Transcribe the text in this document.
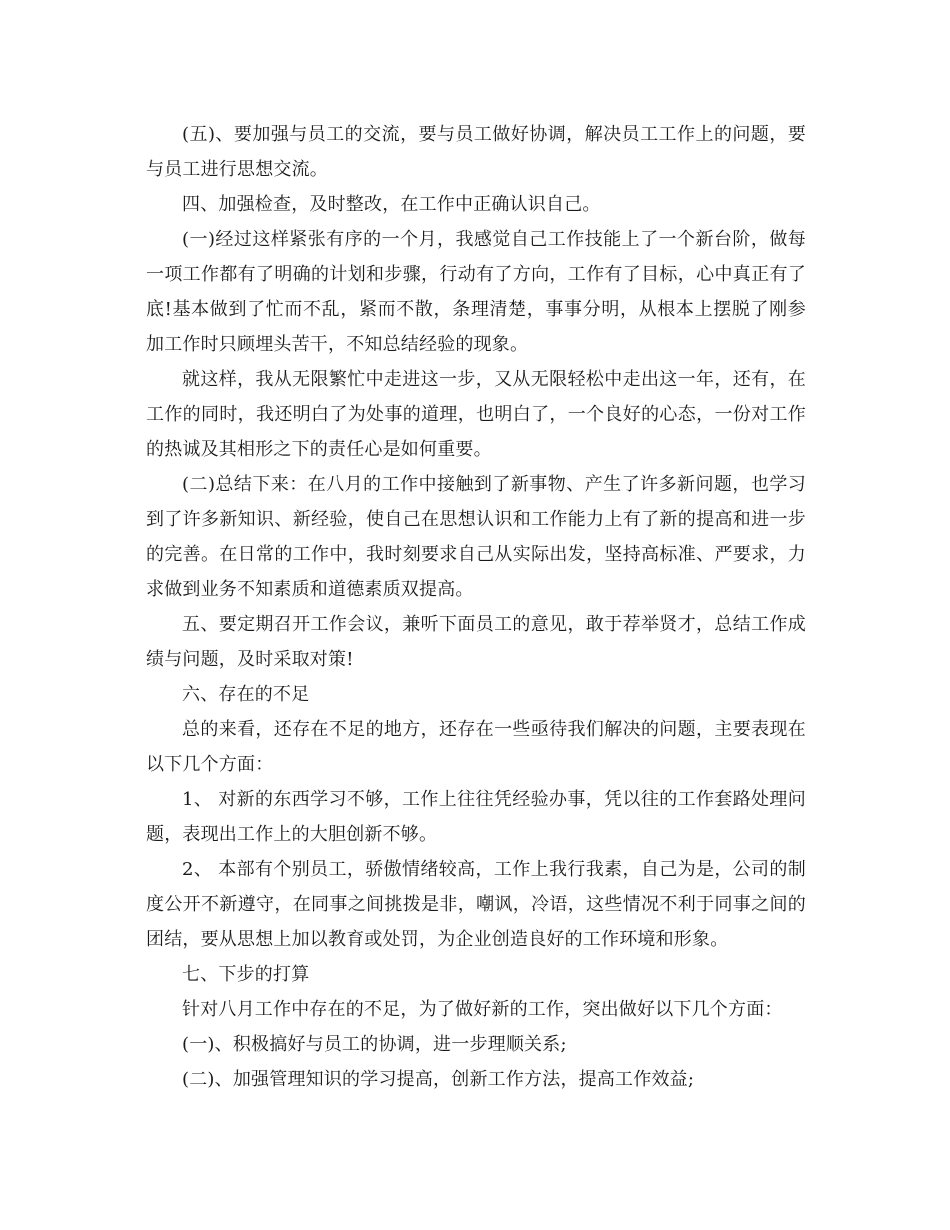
(五)、要加强与员工的交流，要与员工做好协调，解决员工工作上的问题，要与员工进行思想交流。

四、加强检查，及时整改，在工作中正确认识自己。

(一)经过这样紧张有序的一个月，我感觉自己工作技能上了一个新台阶，做每一项工作都有了明确的计划和步骤，行动有了方向，工作有了目标，心中真正有了底!基本做到了忙而不乱，紧而不散，条理清楚，事事分明，从根本上摆脱了刚参加工作时只顾埋头苦干，不知总结经验的现象。

就这样，我从无限繁忙中走进这一步，又从无限轻松中走出这一年，还有，在工作的同时，我还明白了为处事的道理，也明白了，一个良好的心态，一份对工作的热诚及其相形之下的责任心是如何重要。

(二)总结下来：在八月的工作中接触到了新事物、产生了许多新问题，也学习到了许多新知识、新经验，使自己在思想认识和工作能力上有了新的提高和进一步的完善。在日常的工作中，我时刻要求自己从实际出发，坚持高标准、严要求，力求做到业务不知素质和道德素质双提高。

五、要定期召开工作会议，兼听下面员工的意见，敢于荐举贤才，总结工作成绩与问题，及时采取对策!

六、存在的不足

总的来看，还存在不足的地方，还存在一些亟待我们解决的问题，主要表现在以下几个方面：

1、 对新的东西学习不够，工作上往往凭经验办事，凭以往的工作套路处理问题，表现出工作上的大胆创新不够。

2、 本部有个别员工，骄傲情绪较高，工作上我行我素，自己为是，公司的制度公开不新遵守，在同事之间挑拨是非，嘲讽，冷语，这些情况不利于同事之间的团结，要从思想上加以教育或处罚，为企业创造良好的工作环境和形象。

七、下步的打算

针对八月工作中存在的不足，为了做好新的工作，突出做好以下几个方面：

(一)、积极搞好与员工的协调，进一步理顺关系;

(二)、加强管理知识的学习提高，创新工作方法，提高工作效益;
